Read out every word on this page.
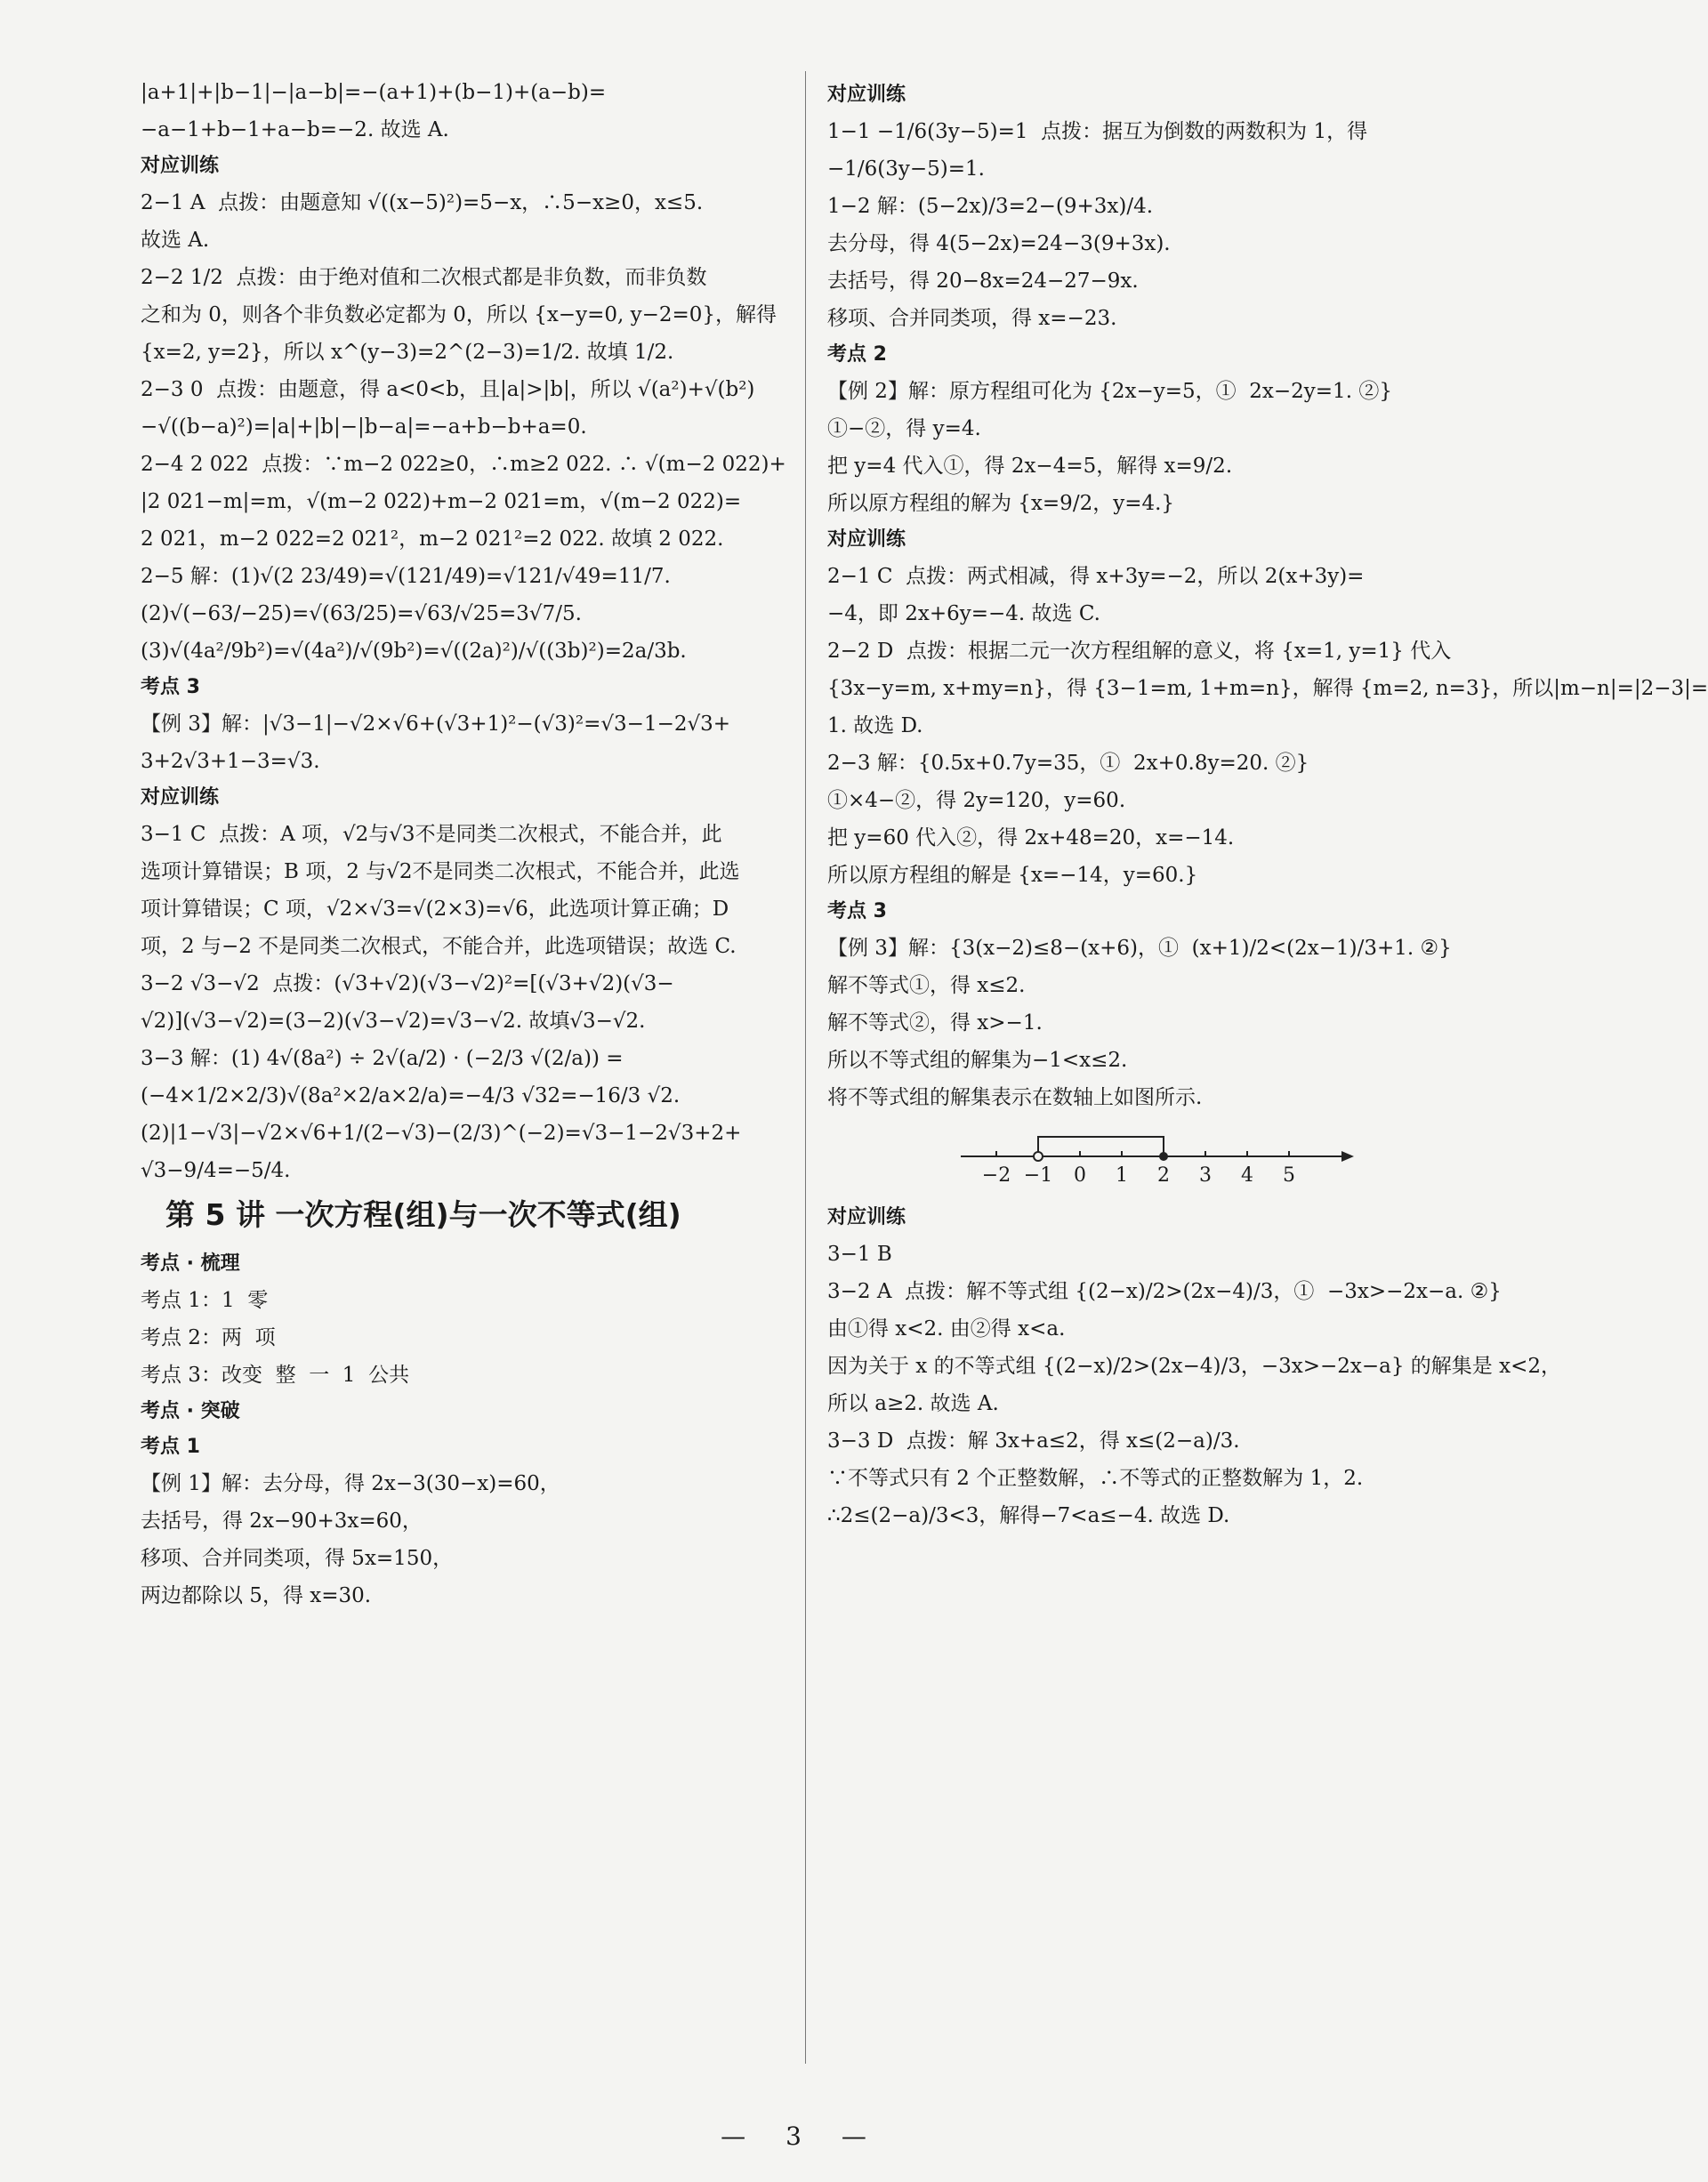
|a+1|+|b−1|−|a−b|=−(a+1)+(b−1)+(a−b)=
−a−1+b−1+a−b=−2. 故选 A.
对应训练
2−1 A  点拨：由题意知 √((x−5)²)=5−x，∴5−x≥0，x≤5.
故选 A.
2−2 1/2  点拨：由于绝对值和二次根式都是非负数，而非负数
之和为 0，则各个非负数必定都为 0，所以 {x−y=0, y−2=0}，解得
{x=2, y=2}，所以 x^(y−3)=2^(2−3)=1/2. 故填 1/2.
2−3 0  点拨：由题意，得 a<0<b，且|a|>|b|，所以 √(a²)+√(b²)
−√((b−a)²)=|a|+|b|−|b−a|=−a+b−b+a=0.
2−4 2 022  点拨：∵m−2 022≥0，∴m≥2 022. ∴ √(m−2 022)+
|2 021−m|=m，√(m−2 022)+m−2 021=m，√(m−2 022)=
2 021，m−2 022=2 021²，m−2 021²=2 022. 故填 2 022.
2−5 解：(1)√(2 23/49)=√(121/49)=√121/√49=11/7.
(2)√(−63/−25)=√(63/25)=√63/√25=3√7/5.
(3)√(4a²/9b²)=√(4a²)/√(9b²)=√((2a)²)/√((3b)²)=2a/3b.
考点 3
【例 3】解：|√3−1|−√2×√6+(√3+1)²−(√3)²=√3−1−2√3+
3+2√3+1−3=√3.
对应训练
3−1 C  点拨：A 项，√2与√3不是同类二次根式，不能合并，此
选项计算错误；B 项，2 与√2不是同类二次根式，不能合并，此选
项计算错误；C 项，√2×√3=√(2×3)=√6，此选项计算正确；D
项，2 与−2 不是同类二次根式，不能合并，此选项错误；故选 C.
3−2 √3−√2  点拨：(√3+√2)(√3−√2)²=[(√3+√2)(√3−
√2)](√3−√2)=(3−2)(√3−√2)=√3−√2. 故填√3−√2.
3−3 解：(1) 4√(8a²) ÷ 2√(a/2) · (−2/3 √(2/a)) =
(−4×1/2×2/3)√(8a²×2/a×2/a)=−4/3 √32=−16/3 √2.
(2)|1−√3|−√2×√6+1/(2−√3)−(2/3)^(−2)=√3−1−2√3+2+
√3−9/4=−5/4.
第 5 讲 一次方程(组)与一次不等式(组)
考点 · 梳理
考点 1：1  零
考点 2：两  项
考点 3：改变  整  一  1  公共
考点 · 突破
考点 1
【例 1】解：去分母，得 2x−3(30−x)=60，
去括号，得 2x−90+3x=60，
移项、合并同类项，得 5x=150，
两边都除以 5，得 x=30.
对应训练
1−1 −1/6(3y−5)=1  点拨：据互为倒数的两数积为 1，得
−1/6(3y−5)=1.
1−2 解：(5−2x)/3=2−(9+3x)/4.
去分母，得 4(5−2x)=24−3(9+3x).
去括号，得 20−8x=24−27−9x.
移项、合并同类项，得 x=−23.
考点 2
【例 2】解：原方程组可化为 {2x−y=5，①  2x−2y=1. ②}
①−②，得 y=4.
把 y=4 代入①，得 2x−4=5，解得 x=9/2.
所以原方程组的解为 {x=9/2，y=4.}
对应训练
2−1 C  点拨：两式相减，得 x+3y=−2，所以 2(x+3y)=
−4，即 2x+6y=−4. 故选 C.
2−2 D  点拨：根据二元一次方程组解的意义，将 {x=1, y=1} 代入
{3x−y=m, x+my=n}，得 {3−1=m, 1+m=n}，解得 {m=2, n=3}，所以|m−n|=|2−3|=
1. 故选 D.
2−3 解：{0.5x+0.7y=35，①  2x+0.8y=20. ②}
①×4−②，得 2y=120，y=60.
把 y=60 代入②，得 2x+48=20，x=−14.
所以原方程组的解是 {x=−14，y=60.}
考点 3
【例 3】解：{3(x−2)≤8−(x+6)，①  (x+1)/2<(2x−1)/3+1. ②}
解不等式①，得 x≤2.
解不等式②，得 x>−1.
所以不等式组的解集为−1<x≤2.
将不等式组的解集表示在数轴上如图所示.
−2 −1 0 1 2 3 4 5
对应训练
3−1 B
3−2 A  点拨：解不等式组 {(2−x)/2>(2x−4)/3，①  −3x>−2x−a. ②}
由①得 x<2. 由②得 x<a.
因为关于 x 的不等式组 {(2−x)/2>(2x−4)/3，−3x>−2x−a} 的解集是 x<2，
所以 a≥2. 故选 A.
3−3 D  点拨：解 3x+a≤2，得 x≤(2−a)/3.
∵不等式只有 2 个正整数解，∴不等式的正整数解为 1，2.
∴2≤(2−a)/3<3，解得−7<a≤−4. 故选 D.
— 3 —
